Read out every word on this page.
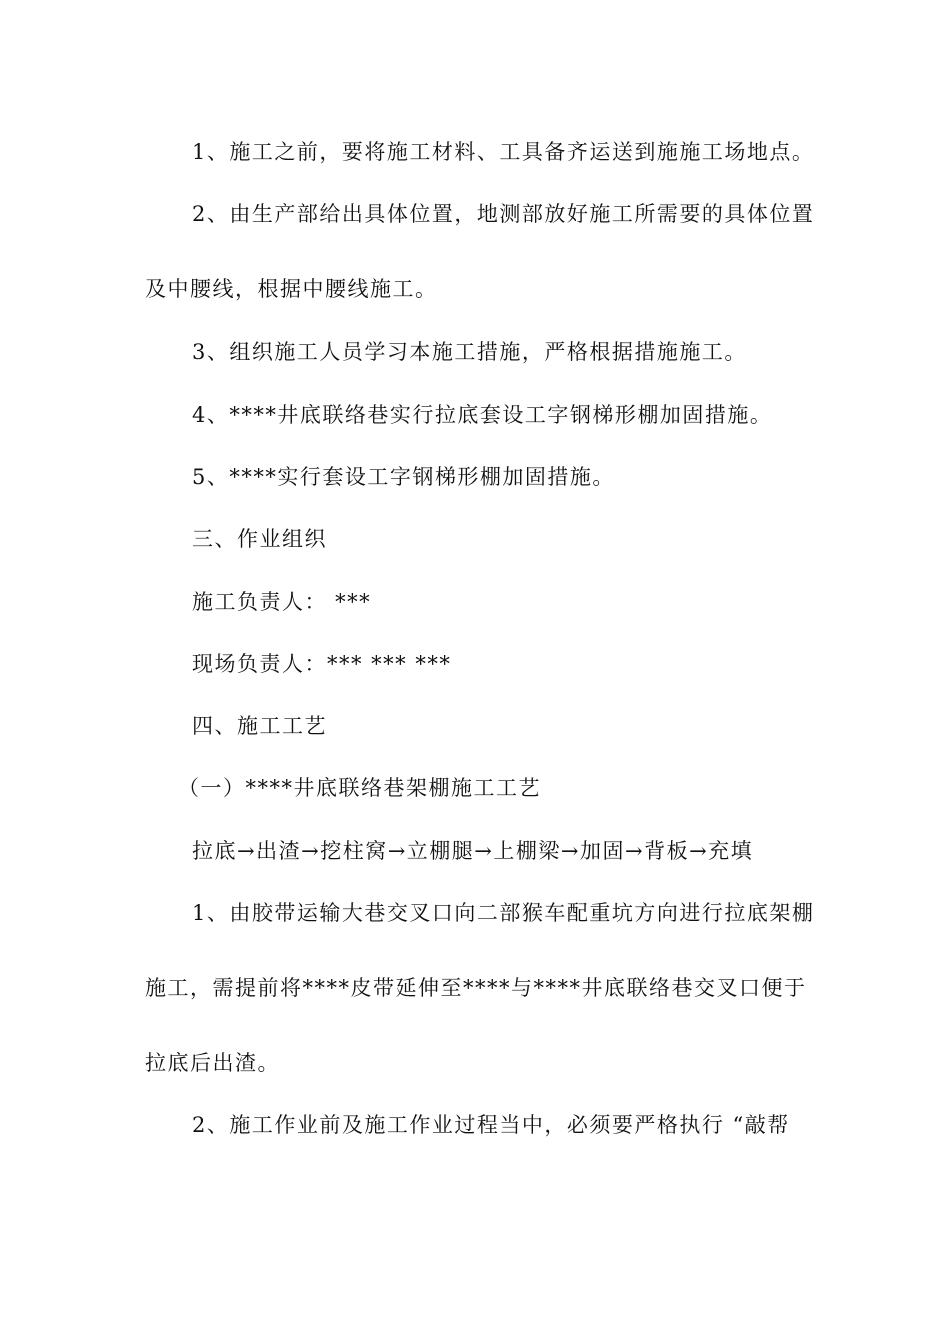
1、施工之前，要将施工材料、工具备齐运送到施施工场地点。
2、由生产部给出具体位置，地测部放好施工所需要的具体位置
及中腰线，根据中腰线施工。
3、组织施工人员学习本施工措施，严格根据措施施工。
4、****井底联络巷实行拉底套设工字钢梯形棚加固措施。
5、****实行套设工字钢梯形棚加固措施。
三、作业组织
施工负责人： ***
现场负责人：*** *** ***
四、施工工艺
（一）****井底联络巷架棚施工工艺
拉底→出渣→挖柱窝→立棚腿→上棚梁→加固→背板→充填
1、由胶带运输大巷交叉口向二部猴车配重坑方向进行拉底架棚
施工，需提前将****皮带延伸至****与****井底联络巷交叉口便于
拉底后出渣。
2、施工作业前及施工作业过程当中，必须要严格执行 “敲帮
